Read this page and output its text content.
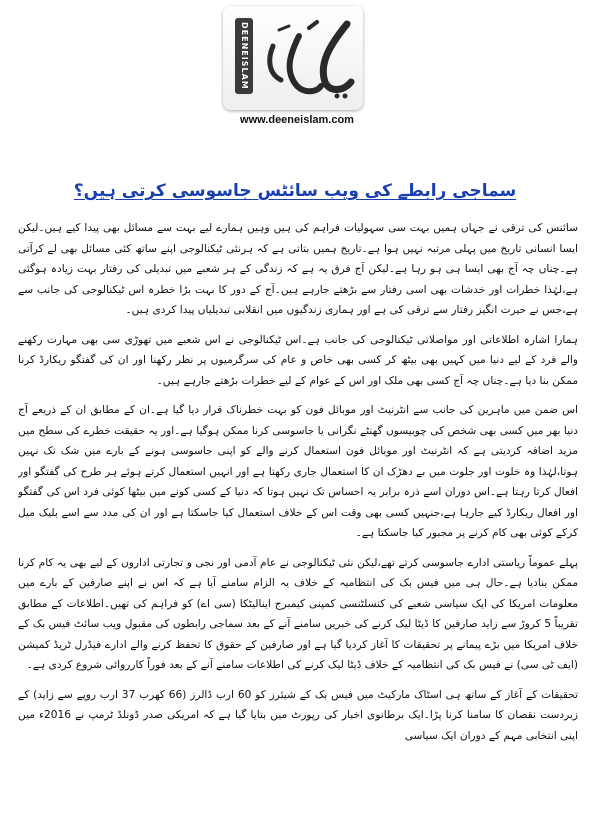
DEENEISLAM
www.deeneislam.com
سماجی رابطے کی ویب سائٹس جاسوسی کرتی ہیں؟

سائنس کی ترقی نے جہاں ہمیں بہت سی سہولیات فراہم کی ہیں وہیں ہمارے لیے بہت سے مسائل بھی پیدا کیے ہیں۔لیکن ایسا انسانی تاریخ میں پہلی مرتبہ نہیں ہوا ہے۔تاریخ ہمیں بتاتی ہے کہ ہرنئی ٹیکنالوجی اپنے ساتھ کئی مسائل بھی لے کرآتی ہے۔چناں چہ آج بھی ایسا ہی ہو رہا ہے۔لیکن آج فرق یہ ہے کہ زندگی کے ہر شعبے میں تبدیلی کی رفتار بہت زیادہ ہوگئی ہے،لہٰذا خطرات اور خدشات بھی اسی رفتار سے بڑھتے جارہے ہیں۔آج کے دور کا بہت بڑا خطرہ اس ٹیکنالوجی کی جانب سے ہے،جس نے حیرت انگیز رفتار سے ترقی کی ہے اور ہماری زندگیوں میں انقلابی تبدیلیاں پیدا کردی ہیں۔

ہمارا اشارہ اطلاعاتی اور مواصلاتی ٹیکنالوجی کی جانب ہے۔اس ٹیکنالوجی نے اس شعبے میں تھوڑی سی بھی مہارت رکھنے والے فرد کے لیے دنیا میں کہیں بھی بیٹھ کر کسی بھی خاص و عام کی سرگرمیوں پر نظر رکھنا اور ان کی گفتگو ریکارڈ کرنا ممکن بنا دیا ہے۔چناں چہ آج کسی بھی ملک اور اس کے عوام کے لیے خطرات بڑھتے جارہے ہیں۔

اس ضمن میں ماہرین کی جانب سے انٹرنیٹ اور موبائل فون کو بہت خطرناک قرار دیا گیا ہے۔ان کے مطابق ان کے ذریعے آج دنیا بھر میں کسی بھی شخص کی چوبیسوں گھنٹے نگرانی یا جاسوسی کرنا ممکن ہوگیا ہے۔اور یہ حقیقت خطرے کی سطح میں مزید اضافہ کردیتی ہے کہ انٹرنیٹ اور موبائل فون استعمال کرنے والے کو اپنی جاسوسی ہونے کے بارے میں شک تک نہیں ہوتا،لہٰذا وہ خلوت اور جلوت میں بے دھڑک ان کا استعمال جاری رکھتا ہے اور انہیں استعمال کرتے ہوئے ہر طرح کی گفتگو اور افعال کرتا رہتا ہے۔اس دوران اسے ذرہ برابر یہ احساس تک نہیں ہوتا کہ دنیا کے کسی کونے میں بیٹھا کوئی فرد اس کی گفتگو اور افعال ریکارڈ کیے جارہا ہے،جنہیں کسی بھی وقت اس کے خلاف استعمال کیا جاسکتا ہے اور ان کی مدد سے اسے بلیک میل کرکے کوئی بھی کام کرنے پر مجبور کیا جاسکتا ہے۔

پہلے عموماً ریاستی ادارے جاسوسی کرتے تھے،لیکن نئی ٹیکنالوجی نے عام آدمی اور نجی و تجارتی اداروں کے لیے بھی یہ کام کرنا ممکن بنادیا ہے۔حال ہی میں فیس بک کی انتظامیہ کے خلاف یہ الزام سامنے آیا ہے کہ اس نے اپنے صارفین کے بارے میں معلومات امریکا کی ایک سیاسی شعبے کی کنسلٹنسی کمپنی کیمبرج اینالیٹکا (سی اے) کو فراہم کی تھیں۔اطلاعات کے مطابق تقریباً 5 کروڑ سے زاید صارفین کا ڈیٹا لیک کرنے کی خبریں سامنے آنے کے بعد سماجی رابطوں کی مقبول ویب سائٹ فیس بک کے خلاف امریکا میں بڑے پیمانے پر تحقیقات کا آغاز کردیا گیا ہے اور صارفین کے حقوق کا تحفظ کرنے والے ادارے فیڈرل ٹریڈ کمیشن (ایف ٹی سی) نے فیس بک کی انتظامیہ کے خلاف ڈیٹا لیک کرنے کی اطلاعات سامنے آنے کے بعد فوراً کارروائی شروع کردی ہے۔

تحقیقات کے آغاز کے ساتھ ہی اسٹاک مارکیٹ میں فیس بک کے شیئرز کو 60 ارب ڈالرز (66 کھرب 37 ارب روپے سے زاید) کے زبردست نقصان کا سامنا کرنا پڑا۔ایک برطانوی اخبار کی رپورٹ میں بتایا گیا ہے کہ امریکی صدر ڈونلڈ ٹرمپ نے 2016ء میں اپنی انتخابی مہم کے دوران ایک سیاسی
